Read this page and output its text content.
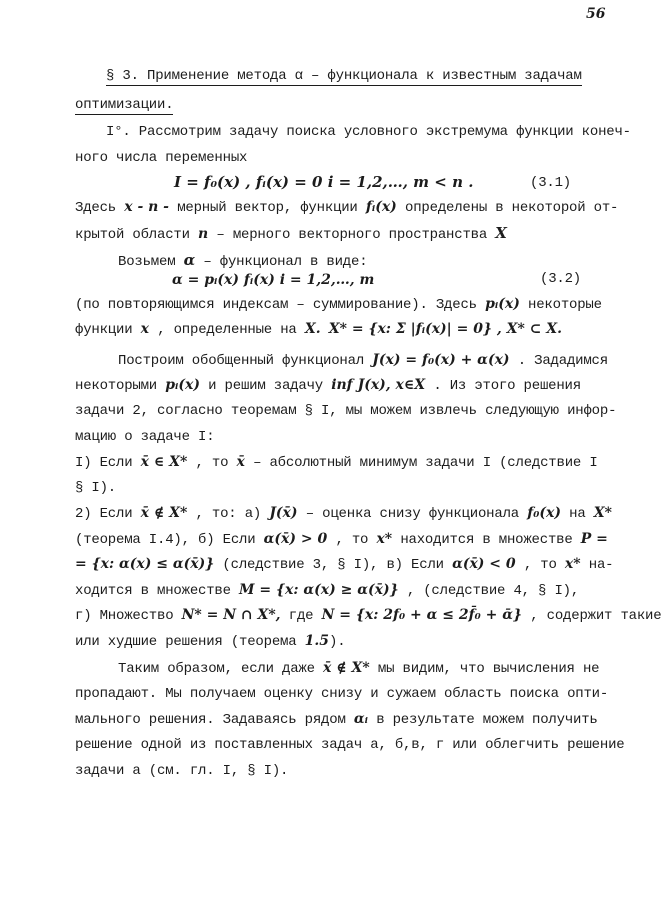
56
§ 3. Применение метода α – функционала к известным задачам
оптимизации.
I°. Рассмотрим задачу поиска условного экстремума функции конеч-
ного числа переменных
I = f₀(x) , fᵢ(x) = 0 i = 1,2,…, m < n .	(3.1)
Здесь x - n - мерный вектор, функции fᵢ(x) определены в некоторой от-
крытой области n – мерного векторного пространства X
Возьмем α – функционал в виде:
α = pᵢ(x) fᵢ(x) i = 1,2,…, m	(3.2)
(по повторяющимся индексам – суммирование). Здесь pᵢ(x) некоторые
функции x , определенные на X. X* = {x: Σ |fᵢ(x)| = 0} , X* ⊂ X.
Построим обобщенный функционал J(x) = f₀(x) + α(x) . Зададимся
некоторыми pᵢ(x) и решим задачу inf J(x), x∈X . Из этого решения
задачи 2, согласно теоремам § I, мы можем извлечь следующую инфор-
мацию о задаче I:
I) Если x̄ ∈ X* , то x̄ – абсолютный минимум задачи I (следствие I
§ I).
2) Если x̄ ∉ X* , то: а) J(x̄) – оценка снизу функционала f₀(x) на X*
(теорема I.4), б) Если α(x̄) > 0 , то x* находится в множестве P =
= {x: α(x) ≤ α(x̄)} (следствие 3, § I), в) Если α(x̄) < 0 , то x* на-
ходится в множестве M = {x: α(x) ≥ α(x̄)} , (следствие 4, § I),
г) Множество N* = N ∩ X*, где N = {x: 2f₀ + α ≤ 2f̄₀ + ᾱ} , содержит такие
или худшие решения (теорема 1.5).
Таким образом, если даже x̄ ∉ X* мы видим, что вычисления не
пропадают. Мы получаем оценку снизу и сужаем область поиска опти-
мального решения. Задаваясь рядом αᵢ в результате можем получить
решение одной из поставленных задач а, б,в, г или облегчить решение
задачи а (см. гл. I, § I).
